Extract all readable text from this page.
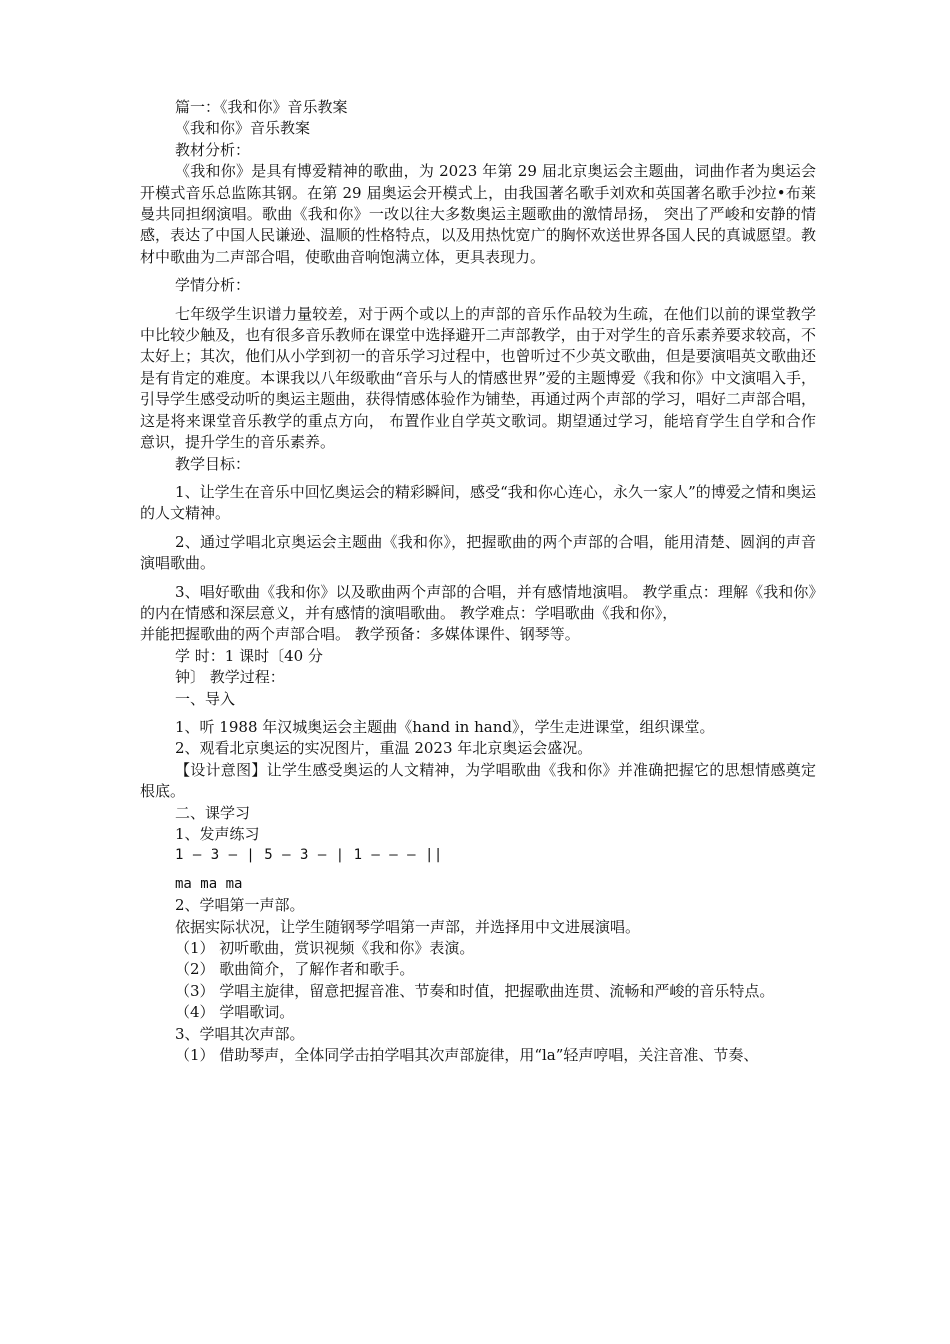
篇一：《我和你》音乐教案

《我和你》音乐教案

教材分析：

《我和你》是具有博爱精神的歌曲，为 2023 年第 29 届北京奥运会主题曲，词曲作者为奥运会开模式音乐总监陈其钢。在第 29 届奥运会开模式上，由我国著名歌手刘欢和英国著名歌手沙拉•布莱曼共同担纲演唱。歌曲《我和你》一改以往大多数奥运主题歌曲的激情昂扬， 突出了严峻和安静的情感，表达了中国人民谦逊、温顺的性格特点，以及用热忱宽广的胸怀欢送世界各国人民的真诚愿望。教材中歌曲为二声部合唱，使歌曲音响饱满立体，更具表现力。

学情分析：

七年级学生识谱力量较差，对于两个或以上的声部的音乐作品较为生疏，在他们以前的课堂教学中比较少触及，也有很多音乐教师在课堂中选择避开二声部教学，由于对学生的音乐素养要求较高，不太好上；其次，他们从小学到初一的音乐学习过程中，也曾听过不少英文歌曲，但是要演唱英文歌曲还是有肯定的难度。本课我以八年级歌曲“音乐与人的情感世界”爱的主题博爱《我和你》中文演唱入手，引导学生感受动听的奥运主题曲，获得情感体验作为铺垫，再通过两个声部的学习，唱好二声部合唱，这是将来课堂音乐教学的重点方向， 布置作业自学英文歌词。期望通过学习，能培育学生自学和合作意识，提升学生的音乐素养。

教学目标：

1、让学生在音乐中回忆奥运会的精彩瞬间，感受“我和你心连心，永久一家人”的博爱之情和奥运的人文精神。

2、通过学唱北京奥运会主题曲《我和你》，把握歌曲的两个声部的合唱，能用清楚、圆润的声音演唱歌曲。

3、唱好歌曲《我和你》以及歌曲两个声部的合唱，并有感情地演唱。 教学重点：理解《我和你》的内在情感和深层意义，并有感情的演唱歌曲。 教学难点：学唱歌曲《我和你》，

并能把握歌曲的两个声部合唱。 教学预备：多媒体课件、钢琴等。

学 时：1 课时〔40 分

钟〕 教学过程：

一、导入

1、听 1988 年汉城奥运会主题曲《hand in hand》，学生走进课堂，组织课堂。

2、观看北京奥运的实况图片，重温 2023 年北京奥运会盛况。

【设计意图】让学生感受奥运的人文精神，为学唱歌曲《我和你》并准确把握它的思想情感奠定根底。

二、课学习

1、发声练习

1 — 3 — ∣ 5 — 3 — ∣ 1 — — — ||

ma ma ma

2、学唱第一声部。

依据实际状况，让学生随钢琴学唱第一声部，并选择用中文进展演唱。

（1） 初听歌曲，赏识视频《我和你》表演。

（2） 歌曲简介，了解作者和歌手。

（3） 学唱主旋律，留意把握音准、节奏和时值，把握歌曲连贯、流畅和严峻的音乐特点。

（4） 学唱歌词。

3、学唱其次声部。

（1） 借助琴声，全体同学击拍学唱其次声部旋律，用“la”轻声哼唱，关注音准、节奏、
